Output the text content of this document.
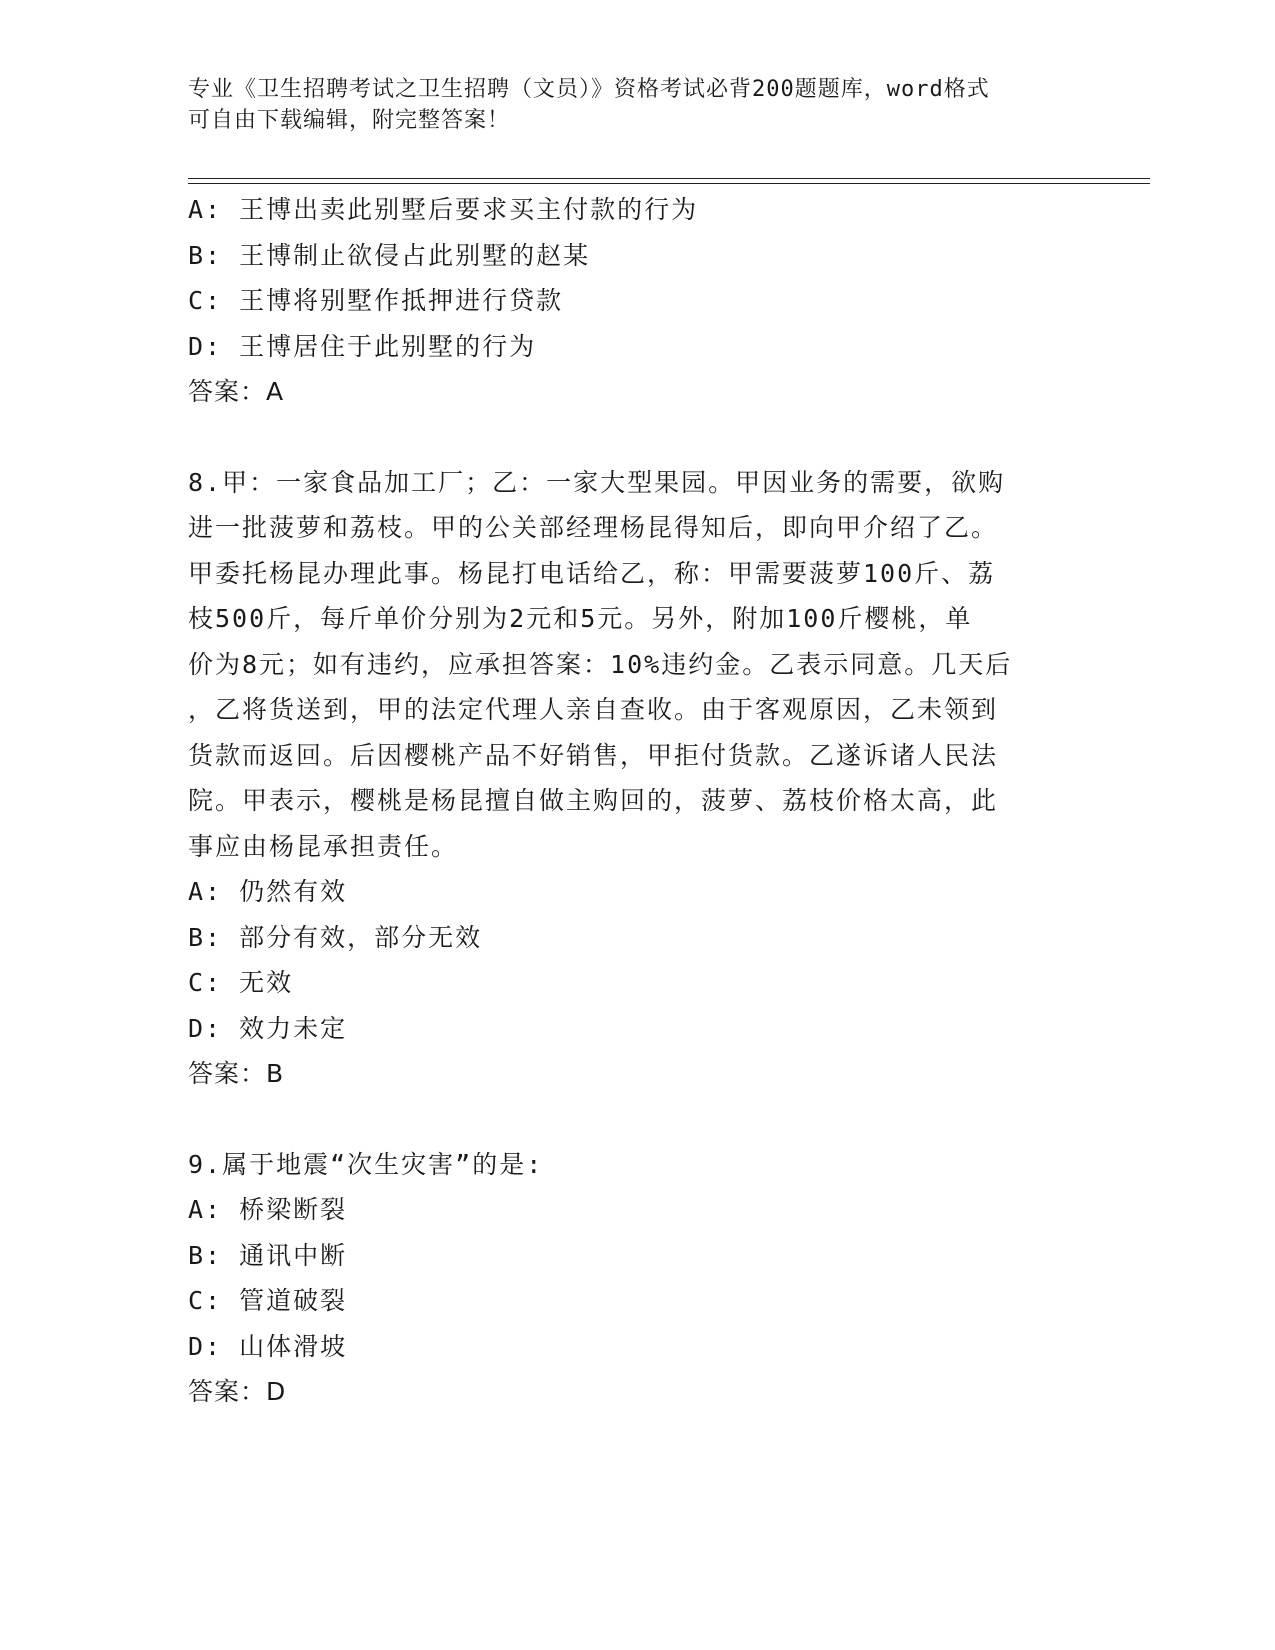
专业《卫生招聘考试之卫生招聘（文员）》资格考试必背200题题库，word格式
可自由下载编辑，附完整答案！
A: 王博出卖此别墅后要求买主付款的行为
B: 王博制止欲侵占此别墅的赵某
C: 王博将别墅作抵押进行贷款
D: 王博居住于此别墅的行为
答案：A
8.甲：一家食品加工厂；乙：一家大型果园。甲因业务的需要，欲购
进一批菠萝和荔枝。甲的公关部经理杨昆得知后，即向甲介绍了乙。
甲委托杨昆办理此事。杨昆打电话给乙，称：甲需要菠萝100斤、荔
枝500斤，每斤单价分别为2元和5元。另外，附加100斤樱桃，单
价为8元；如有违约，应承担答案：10%违约金。乙表示同意。几天后
，乙将货送到，甲的法定代理人亲自查收。由于客观原因，乙未领到
货款而返回。后因樱桃产品不好销售，甲拒付货款。乙遂诉诸人民法
院。甲表示，樱桃是杨昆擅自做主购回的，菠萝、荔枝价格太高，此
事应由杨昆承担责任。
A: 仍然有效
B: 部分有效，部分无效
C: 无效
D: 效力未定
答案：B
9.属于地震“次生灾害”的是:
A: 桥梁断裂
B: 通讯中断
C: 管道破裂
D: 山体滑坡
答案：D
